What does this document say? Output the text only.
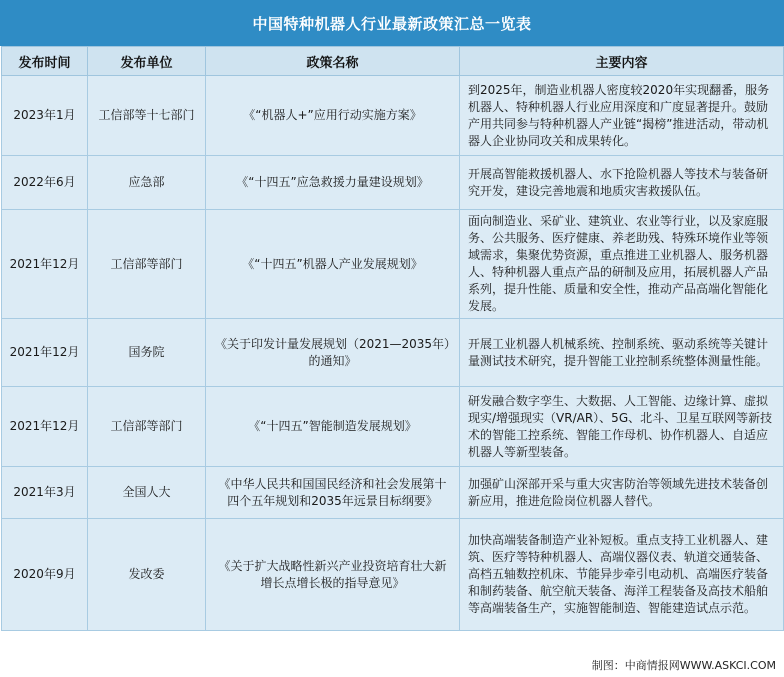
中国特种机器人行业最新政策汇总一览表
发布时间	发布单位	政策名称	主要内容
2023年1月	工信部等十七部门	《“机器人+”应用行动实施方案》	到2025年，制造业机器人密度较2020年实现翻番，服务机器人、特种机器人行业应用深度和广度显著提升。鼓励产用共同参与特种机器人产业链“揭榜”推进活动，带动机器人企业协同攻关和成果转化。
2022年6月	应急部	《“十四五”应急救援力量建设规划》	开展高智能救援机器人、水下抢险机器人等技术与装备研究开发，建设完善地震和地质灾害救援队伍。
2021年12月	工信部等部门	《“十四五”机器人产业发展规划》	面向制造业、采矿业、建筑业、农业等行业，以及家庭服务、公共服务、医疗健康、养老助残、特殊环境作业等领域需求，集聚优势资源，重点推进工业机器人、服务机器人、特种机器人重点产品的研制及应用，拓展机器人产品系列，提升性能、质量和安全性，推动产品高端化智能化发展。
2021年12月	国务院	《关于印发计量发展规划（2021—2035年）的通知》	开展工业机器人机械系统、控制系统、驱动系统等关键计量测试技术研究，提升智能工业控制系统整体测量性能。
2021年12月	工信部等部门	《“十四五”智能制造发展规划》	研发融合数字孪生、大数据、人工智能、边缘计算、虚拟现实/增强现实（VR/AR）、5G、北斗、卫星互联网等新技术的智能工控系统、智能工作母机、协作机器人、自适应机器人等新型装备。
2021年3月	全国人大	《中华人民共和国国民经济和社会发展第十四个五年规划和2035年远景目标纲要》	加强矿山深部开采与重大灾害防治等领域先进技术装备创新应用，推进危险岗位机器人替代。
2020年9月	发改委	《关于扩大战略性新兴产业投资培育壮大新增长点增长极的指导意见》	加快高端装备制造产业补短板。重点支持工业机器人、建筑、医疗等特种机器人、高端仪器仪表、轨道交通装备、高档五轴数控机床、节能异步牵引电动机、高端医疗装备和制药装备、航空航天装备、海洋工程装备及高技术船舶等高端装备生产，实施智能制造、智能建造试点示范。
制图：中商情报网WWW.ASKCI.COM
